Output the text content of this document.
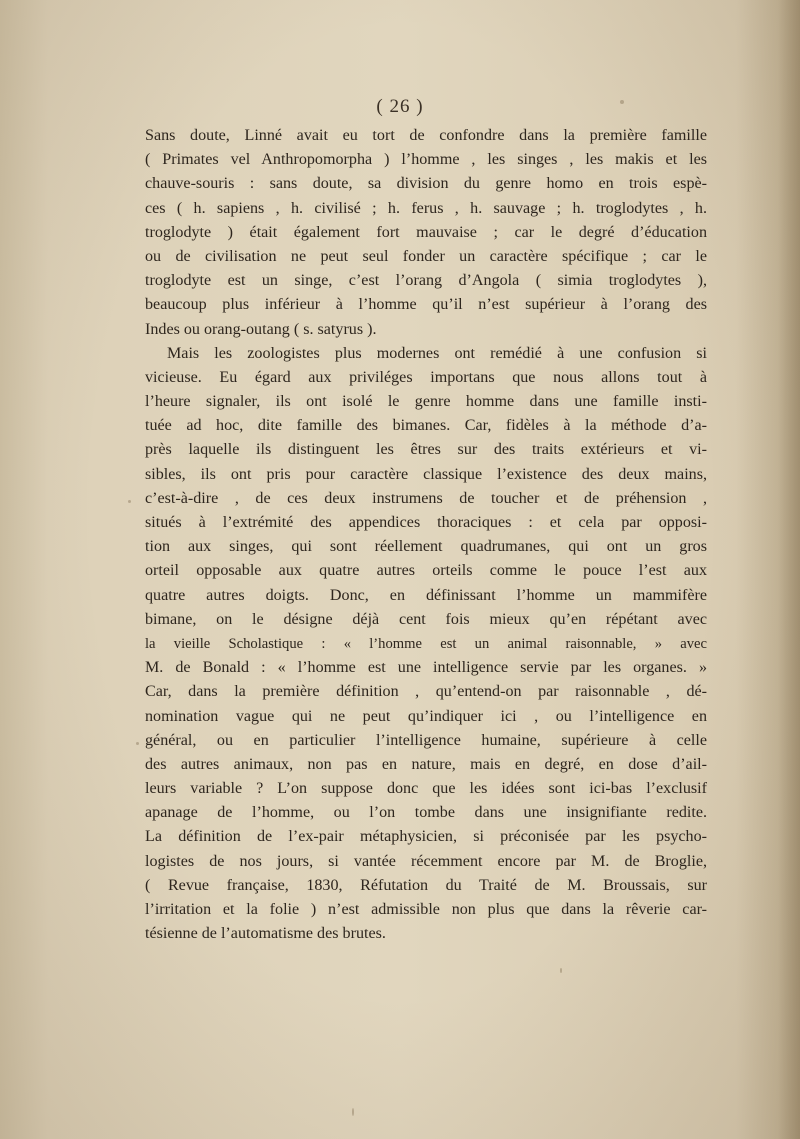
( 26 )
Sans doute, Linné avait eu tort de confondre dans la première famille
( Primates vel Anthropomorpha ) l’homme , les singes , les makis et les
chauve-souris : sans doute, sa division du genre homo en trois espè-
ces ( h. sapiens , h. civilisé ; h. ferus , h. sauvage ; h. troglodytes , h.
troglodyte ) était également fort mauvaise ; car le degré d’éducation
ou de civilisation ne peut seul fonder un caractère spécifique ; car le
troglodyte est un singe, c’est l’orang d’Angola ( simia troglodytes ),
beaucoup plus inférieur à l’homme qu’il n’est supérieur à l’orang des
Indes ou orang-outang ( s. satyrus ).
Mais les zoologistes plus modernes ont remédié à une confusion si
vicieuse. Eu égard aux priviléges importans que nous allons tout à
l’heure signaler, ils ont isolé le genre homme dans une famille insti-
tuée ad hoc, dite famille des bimanes. Car, fidèles à la méthode d’a-
près laquelle ils distinguent les êtres sur des traits extérieurs et vi-
sibles, ils ont pris pour caractère classique l’existence des deux mains,
c’est-à-dire , de ces deux instrumens de toucher et de préhension ,
situés à l’extrémité des appendices thoraciques : et cela par opposi-
tion aux singes, qui sont réellement quadrumanes, qui ont un gros
orteil opposable aux quatre autres orteils comme le pouce l’est aux
quatre autres doigts. Donc, en définissant l’homme un mammifère
bimane, on le désigne déjà cent fois mieux qu’en répétant avec
la vieille Scholastique : « l’homme est un animal raisonnable, » avec
M. de Bonald : « l’homme est une intelligence servie par les organes. »
Car, dans la première définition , qu’entend-on par raisonnable , dé-
nomination vague qui ne peut qu’indiquer ici , ou l’intelligence en
général, ou en particulier l’intelligence humaine, supérieure à celle
des autres animaux, non pas en nature, mais en degré, en dose d’ail-
leurs variable ? L’on suppose donc que les idées sont ici-bas l’exclusif
apanage de l’homme, ou l’on tombe dans une insignifiante redite.
La définition de l’ex-pair métaphysicien, si préconisée par les psycho-
logistes de nos jours, si vantée récemment encore par M. de Broglie,
( Revue française, 1830, Réfutation du Traité de M. Broussais, sur
l’irritation et la folie ) n’est admissible non plus que dans la rêverie car-
tésienne de l’automatisme des brutes.
